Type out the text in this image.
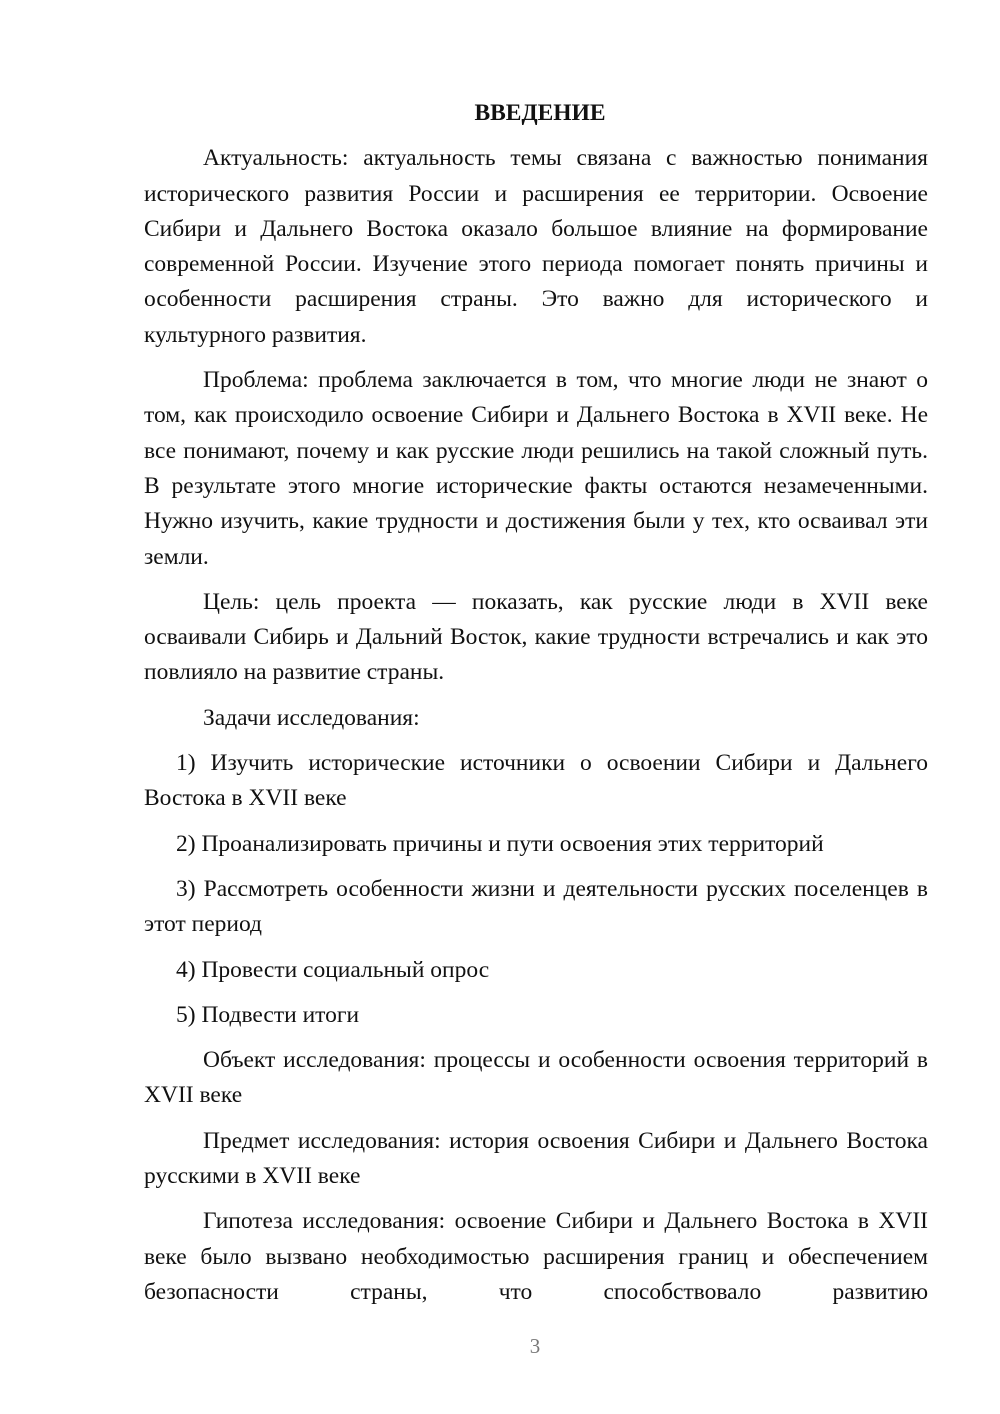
ВВЕДЕНИЕ

Актуальность: актуальность темы связана с важностью понимания исторического развития России и расширения ее территории. Освоение Сибири и Дальнего Востока оказало большое влияние на формирование современной России. Изучение этого периода помогает понять причины и особенности расширения страны. Это важно для исторического и культурного развития.

Проблема: проблема заключается в том, что многие люди не знают о том, как происходило освоение Сибири и Дальнего Востока в XVII веке. Не все понимают, почему и как русские люди решились на такой сложный путь. В результате этого многие исторические факты остаются незамеченными. Нужно изучить, какие трудности и достижения были у тех, кто осваивал эти земли.

Цель: цель проекта — показать, как русские люди в XVII веке осваивали Сибирь и Дальний Восток, какие трудности встречались и как это повлияло на развитие страны.

Задачи исследования:

1) Изучить исторические источники о освоении Сибири и Дальнего Востока в XVII веке

2) Проанализировать причины и пути освоения этих территорий

3) Рассмотреть особенности жизни и деятельности русских поселенцев в этот период

4) Провести социальный опрос

5) Подвести итоги

Объект исследования: процессы и особенности освоения территорий в XVII веке

Предмет исследования: история освоения Сибири и Дальнего Востока русскими в XVII веке

Гипотеза исследования: освоение Сибири и Дальнего Востока в XVII веке было вызвано необходимостью расширения границ и обеспечением безопасности страны, что способствовало развитию

3
